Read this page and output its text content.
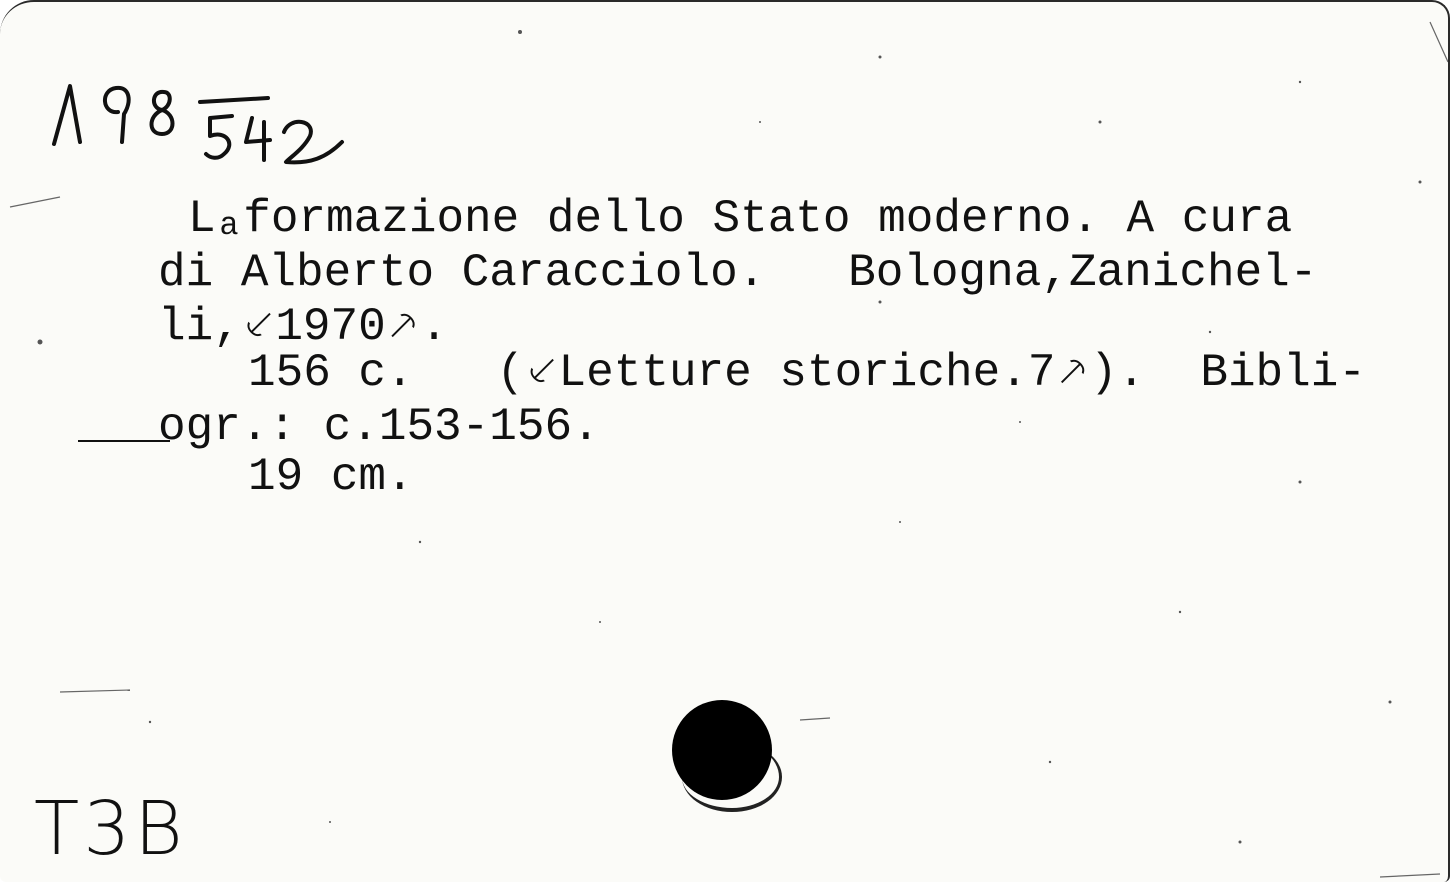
Lₐformazione dello Stato moderno. A cura
di Alberto Caracciolo.   Bologna,Zanichel-
li,⸔1970⸕.
156 c.   (⸔Letture storiche.7⸕).  Bibli-
ogr.: c.153-156.
19 cm.
T3B
